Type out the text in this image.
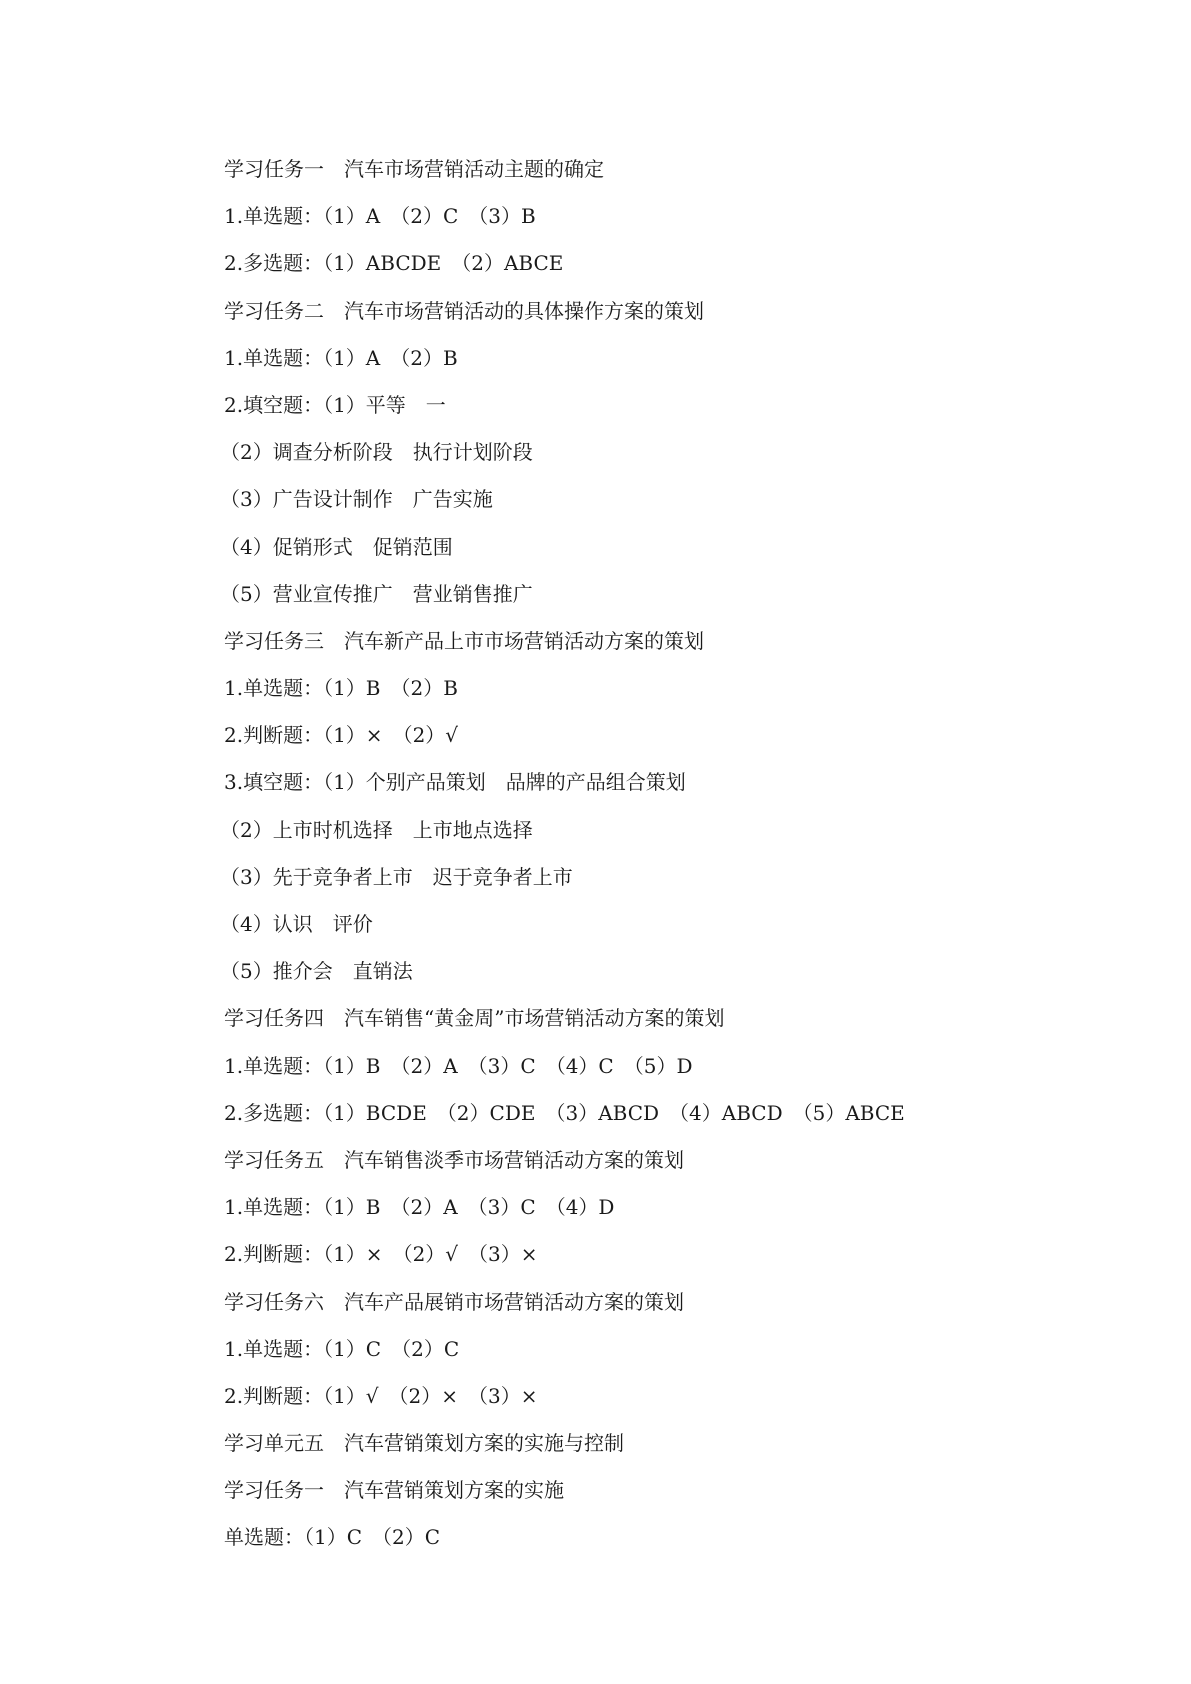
学习任务一　汽车市场营销活动主题的确定
1.单选题：（1）A　（2）C　（3）B
2.多选题：（1）ABCDE　（2）ABCE
学习任务二　汽车市场营销活动的具体操作方案的策划
1.单选题：（1）A　（2）B
2.填空题：（1）平等　一
（2）调查分析阶段　执行计划阶段
（3）广告设计制作　广告实施
（4）促销形式　促销范围
（5）营业宣传推广　营业销售推广
学习任务三　汽车新产品上市市场营销活动方案的策划
1.单选题：（1）B　（2）B
2.判断题：（1）×　（2）√
3.填空题：（1）个别产品策划　品牌的产品组合策划
（2）上市时机选择　上市地点选择
（3）先于竞争者上市　迟于竞争者上市
（4）认识　评价
（5）推介会　直销法
学习任务四　汽车销售“黄金周”市场营销活动方案的策划
1.单选题：（1）B　（2）A　（3）C　（4）C　（5）D
2.多选题：（1）BCDE　（2）CDE　（3）ABCD　（4）ABCD　（5）ABCE
学习任务五　汽车销售淡季市场营销活动方案的策划
1.单选题：（1）B　（2）A　（3）C　（4）D
2.判断题：（1）×　（2）√　（3）×
学习任务六　汽车产品展销市场营销活动方案的策划
1.单选题：（1）C　（2）C
2.判断题：（1）√　（2）×　（3）×
学习单元五　汽车营销策划方案的实施与控制
学习任务一　汽车营销策划方案的实施
单选题：（1）C　（2）C
